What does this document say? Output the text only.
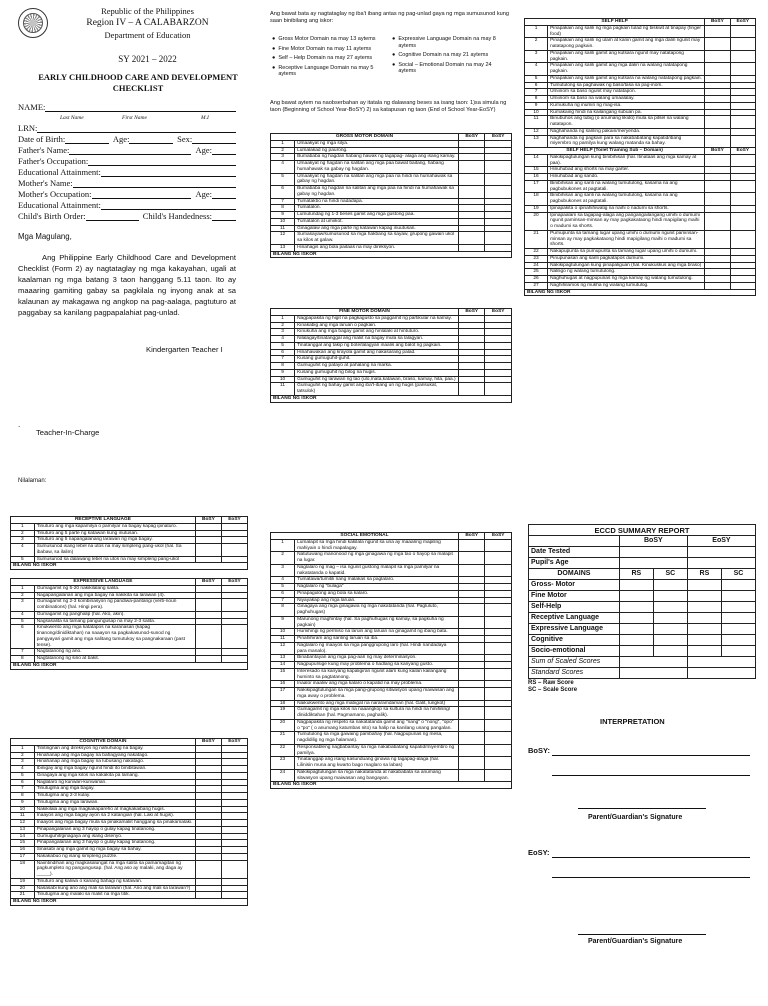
Republic of the Philippines
Region IV – A CALABARZON
Department of Education
SY 2021 – 2022
EARLY CHILDHOOD CARE AND DEVELOPMENT
CHECKLIST
NAME:
Last Name	First Name	M.I
LRN:
Date of Birth:	Age:	Sex:
Father's Name:	Age:
Father's Occupation:
Educational Attainment:
Mother's Name:
Mother's Occupation:	Age:
Educational Attainment:
Child's Birth Order:	Child's Handedness:
Mga Magulang,
Ang Philippine Early Childhood Care and Development Checklist (Form 2) ay nagtataglay ng mga kakayahan, ugali at kaalaman ng mga batang 3 taon hanggang 5.11 taon. Ito ay maaaring gamiting gabay sa pagkilala ng inyong anak at sa kalaunan ay makagawa ng angkop na pag-aalaga, pagtuturo at paggabay sa kanilang pagpapalahiat pag-unlad.
Kindergarten Teacher I
.
Teacher-In-Charge
Nilalaman:
Ang bawat bata ay nagtataglay ng iba't ibang antas ng pag-unlad gaya ng mga sumusunod kung saan binibilang ang iskor:
● Gross Motor Domain na may 13 aytems
● Fine Motor Domain na may 11 aytems
● Self – Help Domain na may 27 aytems
● Receptive Language Domain na may 5 aytems
● Expressive Language Domain na may 8 aytems
● Cognitive Domain na may 21 aytems
● Social – Emotional Domain na may 24 aytems
Ang bawat aytem na naobserbahan ay itatala ng dalawang beses sa isang taon: 1)sa simula ng taon (Beginning of School Year-BoSY) 2) sa katapusan ng taon (End of School Year-EoSY)
GROSS MOTOR DOMAIN		BoSY	EoSY
1	Umaakyat ng mga silya.		
2	Lumalakad ng paurong.		
3	Bumababa ng hagdan habang hawak ng tagapag- alaga ang isang kamay.		
4	Umaakyat ng hagdan na salitan ang mga paa bawat baitang, habang humahawak sa gabay ng hagdan.		
5	Umaakyat ng hagdan na salitan ang mga paa na hindi na humahawak sa gabay ng hagdan.		
6	Bumababa ng hagdan na salitan ang mga paa na hindi na humahawak sa gabay ng hagdan.		
7	Tumatakbo na hindi nadadapa.		
8	Tumatalon.		
9	Lumulundag ng 1-3 beses gamit ang mga gustong paa.		
10	Tumatalon at umiikot.		
11	Ginagalaw ang mga parte ng katawan kapag inuutusan.		
12	Sumasayaw/sumusunod sa mga hakbang sa sayaw, grupong gawain ukol sa kilos at galaw.		
13	Hinahagis ang bola paitaas na may direksyon.		
BILANG NG ISKOR			
FINE MOTOR DOMAIN		BoSY	EoSY
1	Nagpapakita ng higit na pagkagusto sa paggamit ng partikular na kamay.		
2	Kinakabig ang mga laruan o pagkain.		
3	Kinukuha ang mga bagay gamit ang hinlalaki at hintuturo.		
4	Nilalagay/tinatanggal ang maliit na bagay mula sa lalagyan.		
5	Tinatanggal ang takip ng bote/lalagyan inaalis ang balot ng pagkain.		
6	Hinahawakan ang krayola gamit ang nakasarang palad.		
7	Kusang gumuguhit-guhit.		
8	Gumuguhit ng patayo at pahalang na marka.		
9	Kusang gumuguhit ng bilog na hugis.		
10	Gumuguhit ng larawan ng tao (ulo,mata,katawan, braso, kamay, hita, paa.)		
11	Gumuguhit ng bahay gamit ang iba't-ibang uri ng hugis (parisukat, tatsulok)		
BILANG NG ISKOR			
SELF HELP		BoSY	EoSY
1	Pinapakain ang sarili ng mga pagkain tulad ng biskwit at tinapay (finger food)		
2	Pinapakain ang sarili ng ulam at kanin gamit ang mga daliri ngunit may natatapong pagkain.		
3	Pinapakain ang sarili gamit ang kutsara ngunit may natatapong pagkain.		
4	Pinapakain ang sarili gamit ang mga daliri na walang natatapong pagkain.		
5	Pinapakain ang sarili gamit ang kutsara na walang natatapong pagkain.		
6	Tumutulong sa paghawak ng baso/tasa sa pag-inom.		
7	Umiinom sa baso ngunit may natatapon.		
8	Umiinom sa baso na walang umaalalay.		
9	Kumukuha ng inumin ng mag-isa.		
10	Kumakaing hindi na kailangang subuan pa.		
11	Binubuhos ang tubig (o anumang likido) mula sa pitsel na walang natatapon.		
12	Naghahanda ng sariling pakain/meryenda.		
13	Naghahanda ng pagkain para sa nakababatang kapatid/ibang miyembro ng pamilya kung walang matanda sa bahay.		
SELF HELP (Toilet Training Sub – Domain)		BoSY	EoSY
14	Nakikipagtulungan kung binibihisan (hal. Itinataas ang mga kamay at paa).		
15	Hinuhubad ang shorts na may garter.		
16	Hinuhubad ang sando.		
17	Binibihisan ang sarili na walang tumutulong, kasama na ang pagbubukones at pagtatali.		
18	Binibihisan ang sarili na walang tumutulong, kasama na ang pagbubukones at pagtatali.		
19	Ipinapakita o ipinahihiwatig na naihi o nadumi sa shorts.		
20	Ipinapaalam sa tagapag-alaga ang pangangailangang umihi o dumumi ngunit paminsan-minsan ay may pagkakataong hindi mapigilang maihi o madumi sa shorts.		
21	Pumupunta sa tamang lugar upang umihi o dumumi ngunit paminsan-minsan ay may pagkakataong hindi mapigilang maihi o madumi sa shorts.		
22	Nakapupunta sa pumupunta sa tamang lugar upang umihi o dumumi.		
23	Pinupunasan ang sarili pagkatapos dumumi.		
24	Nakikipagtulungan kung pinapaliguan (hal. Kinukuskus ang mga braso)		
25	Naliligo ng walang tumutulong.		
26	Naghuhugas at nagpupunas ng mga kamay ng walang tumutulong.		
27	Naghihilamos ng mukha ng walang tumutulog.		
BILANG NG ISKOR			
RECEPTIVE LANGUAGE		BoSY	EoSY
1	Tinuturo ang mga kapamilya o pamilyar na bagay kapag ipinaturo.		
2	Tinuturo ang 5 parte ng katawan kung inutusan.		
3	Tinuturo ang 5 napangalanang larawan ng mga bagay.		
4	Sumusunod isang lebel na utos na may simpleng pang-ukol (hal. Sa ibabaw, sa ilalim)		
5	Sumusunod sa dalawang lebel na utos na may simpleng pang-ukol		
BILANG NG ISKOR			
EXPRESSIVE LANGUAGE		BoSY	EoSY
1	Gumagamit ng 5-20 nakikilalang salita.		
2	Nagapangalanan ang mga bagay na nakikita sa larawan (4).		
3	Gumagamit ng 2-3 kombinasyon ng pandiwa-pantangi (verb-noun combinations) (hal. Hingi pera).		
4	Gumagamit ng panghalip (hal. Ako, akin).		
5	Nagsasalita sa tamang pangungusap na may 2-3 salita.		
6	Kinukwento ang mga katatapos na karanasan (kapag tinanong/dinidiktahan) na naaayon sa pagkakasunod-sunod ng pangyayari gamit ang mga salitang tumutukoy sa pangnakaraan (past tense).		
7	Nagtatanong ng ano.		
8	Nagtatanong ng sino at bakit.		
BILANG NG ISKOR			
COGNITIVE DOMAIN		BoSY	EoSY
1	Tinitingnan ang direksyon ng nahuhulog na bagay.		
2	Hinahanap ang mga bagay na bahagyang nakatago.		
3	Hinahanap ang mga bagay na lubusang nakatago.		
4	Ibinigay ang mga bagay ngunit hindi ito binibitawan.		
5	Ginagaya ang mga kilos na kakakita pa lamang.		
6	Naglalaro ng kunwari-kunwarian.		
7	Tinutugma ang mga bagay.		
8	Tinutugma ang 2-3 kulay.		
9	Tinutugma ang mga larawan.		
10	Nakikilala ang mga magkakapareho at magkakaibang hugis.		
11	Inaayos ang mga bagay ayon sa 2 katangian (hal. Laki at hugis).		
12	Inaayos ang mga bagay mula sa pinakamaliit hanggang sa pinakamalaki.		
13	Pinapangalanan ang 3 hayop o gulay kapag tinatanong.		
14	Gumuguhit/ginagaya ang isang disenyo.		
15	Pinapangalanan ang 3 hayop o gulay kapag tinatanong.		
16	Sinasabi ang mga gamit ng mga bagay sa bahay.		
17	Nakakabuo ng isang simpleng puzzle.		
18	Naiintindihan ang magkasalungat na mga salita sa pamamagitan ng pagkumpleto ng pangungusap. (hal. Ang aso ay malaki, ang daga ay _____).		
19	Tinuturo ang kaliwa o kanang bahagi ng katawan.		
20	Nasasabi kung ano ang mali sa larawan (hal. Ano ang mali sa larawan?)		
21	Tinutugma ang malaki sa maliit na mga titik.		
BILANG NG ISKOR			
SOCIAL EMOTIONAL		BoSY	EoSY
1	Lumalapit sa mga hindi kakilala ngunit sa una ay maaaring mapiling mahiyain o hindi mapalagay.		
2	Natutuwang manonood ng mga ginagawa ng mga tao o hayop sa malapit na lugar.		
3	Naglalaro ng mag – isa ngunit gustong malapit sa mga pamilyar na nakatatanda o kapatid.		
4	Tumatawa/tumitili nang malakas sa paglalaro.		
5	Naglalaro ng "bulaga"		
6	Pinapagulong ang bola sa kalaro.		
7	Niyayakap ang mga laruan.		
8	Ginagaya ang mga ginagawa ng mga nakatatanda (hal. Pagluluto, paghuhugas)		
9	Marunong maghintay (hal. Sa paghuhugas ng kamay, sa pagkuha ng pagkain)		
10	Humihingi ng permiso na laruin ang laruan na ginagamit ng ibang bata.		
11	Pinahihiram ang sariling laruan sa iba.		
12	Naglalaro ng maayos sa mga panggrupong laro (hal. Hindi nandadaya para manalo).		
13	Binabantayan ang mga pag-aari ng may determinasyon.		
14	Nagpupursige kung may problema o hadlang sa kanyang gusto.		
15	Interesado sa kanyang kapaligiran ngunit alam kung kailan kailangang huminto sa pagtatanong.		
16	Inaalo/ inaaliw ang mga kalaro o kapatid na may problema.		
17	Nakikipagtulungan sa mga pang-grupong sitwasyon upang maiwasan ang mga away o problema.		
18	Naikukwento ang mga mabigat na nararamdaman (hal. Galit, lungkot)		
19	Gumagamit ng mga kilos na naaangkop sa kultura na hindi na hinihiling/ diniddiktahan (hal. Pagmamano, paghalik).		
20	Nagpapakita ng respeto sa nakatatanda gamit ang "nang" o "nong", "opo" o "po" ( o anumang katumbas nito) sa halip na kanilang unang pangalan.		
21	Tumutulong sa mga gawaing pambahay (hal. Nagpupunas ng mesa, nagdidilig ng mga halaman).		
22	Responsableng nagbabantay sa mga nakababatang kapatid/miyembro ng pamilya.		
23	Tinatanggap ang isang kasunduang ginawa ng tagapag-alaga (hal. Lilinisin muna ang kwarto bago maglaro sa labas)		
24	Nakikipagtulungan sa mga nakatatanda at nakababata sa anumang sitwasyon upang maiwasan ang bangayan.		
BILANG NG ISKOR			
ECCD SUMMARY REPORT
	BoSY		EoSY	
Date Tested				
Pupil's Age				
DOMAINS	RS	SC	RS	SC
Gross- Motor				
Fine Motor				
Self-Help				
Receptive Language				
Expressive Language				
Cognitive				
Socio-emotional				
Sum of Scaled Scores				
Standard Scores				
RS – Raw Score
SC – Scale Score
INTERPRETATION
BoSY:
Parent/Guardian's Signature
EoSY:
Parent/Guardian's Signature
